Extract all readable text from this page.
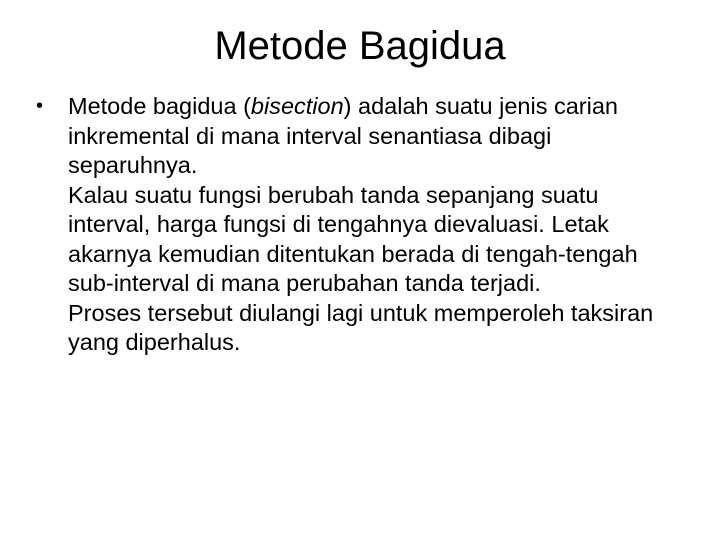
Metode Bagidua
• Metode bagidua (bisection) adalah suatu jenis carian inkremental di mana interval senantiasa dibagi separuhnya.
Kalau suatu fungsi berubah tanda sepanjang suatu interval, harga fungsi di tengahnya dievaluasi. Letak akarnya kemudian ditentukan berada di tengah-tengah sub-interval di mana perubahan tanda terjadi.
Proses tersebut diulangi lagi untuk memperoleh taksiran yang diperhalus.
